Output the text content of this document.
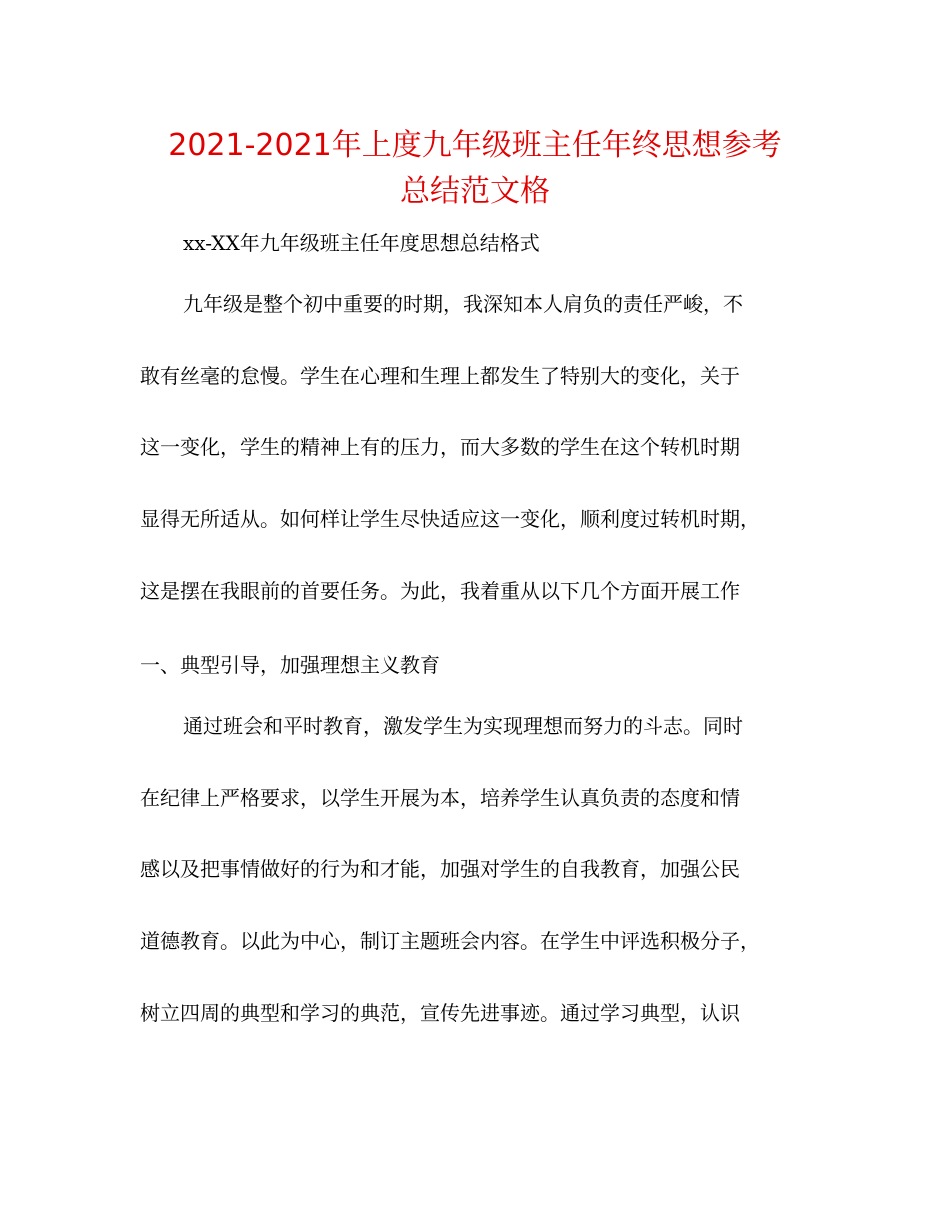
2021-2021年上度九年级班主任年终思想参考
总结范文格

xx-XX年九年级班主任年度思想总结格式

九年级是整个初中重要的时期，我深知本人肩负的责任严峻，不

敢有丝毫的怠慢。学生在心理和生理上都发生了特别大的变化，关于

这一变化，学生的精神上有的压力，而大多数的学生在这个转机时期

显得无所适从。如何样让学生尽快适应这一变化，顺利度过转机时期，

这是摆在我眼前的首要任务。为此，我着重从以下几个方面开展工作

一、典型引导，加强理想主义教育

通过班会和平时教育，激发学生为实现理想而努力的斗志。同时

在纪律上严格要求，以学生开展为本，培养学生认真负责的态度和情

感以及把事情做好的行为和才能，加强对学生的自我教育，加强公民

道德教育。以此为中心，制订主题班会内容。在学生中评选积极分子，

树立四周的典型和学习的典范，宣传先进事迹。通过学习典型，认识
